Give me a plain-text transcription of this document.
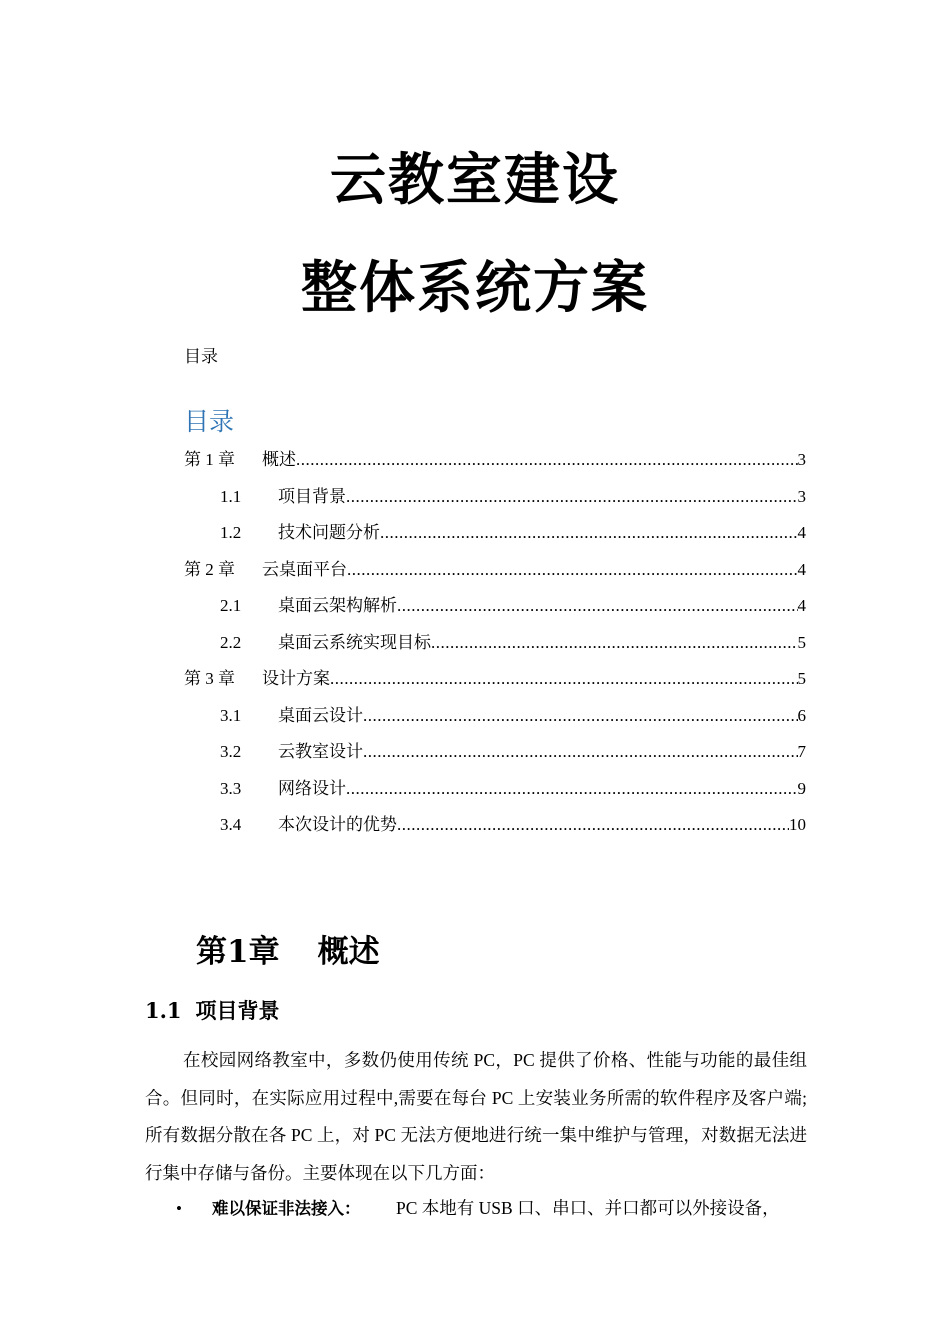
云教室建设
整体系统方案
目录
目录
第 1 章	概述 .....	3
1.1	项目背景 .....	3
1.2	技术问题分析 .....	4
第 2 章	云桌面平台 .....	4
2.1	桌面云架构解析 .....	4
2.2	桌面云系统实现目标 .....	5
第 3 章	设计方案 .....	5
3.1	桌面云设计 .....	6
3.2	云教室设计 .....	7
3.3	网络设计 .....	9
3.4	本次设计的优势 .....	10
第1章 概述
1.1 项目背景
在校园网络教室中，多数仍使用传统 PC，PC 提供了价格、性能与功能的最佳组合。但同时，在实际应用过程中,需要在每台 PC 上安装业务所需的软件程序及客户端;所有数据分散在各 PC 上，对 PC 无法方便地进行统一集中维护与管理，对数据无法进行集中存储与备份。主要体现在以下几方面：
• 难以保证非法接入： PC 本地有 USB 口、串口、并口都可以外接设备，
